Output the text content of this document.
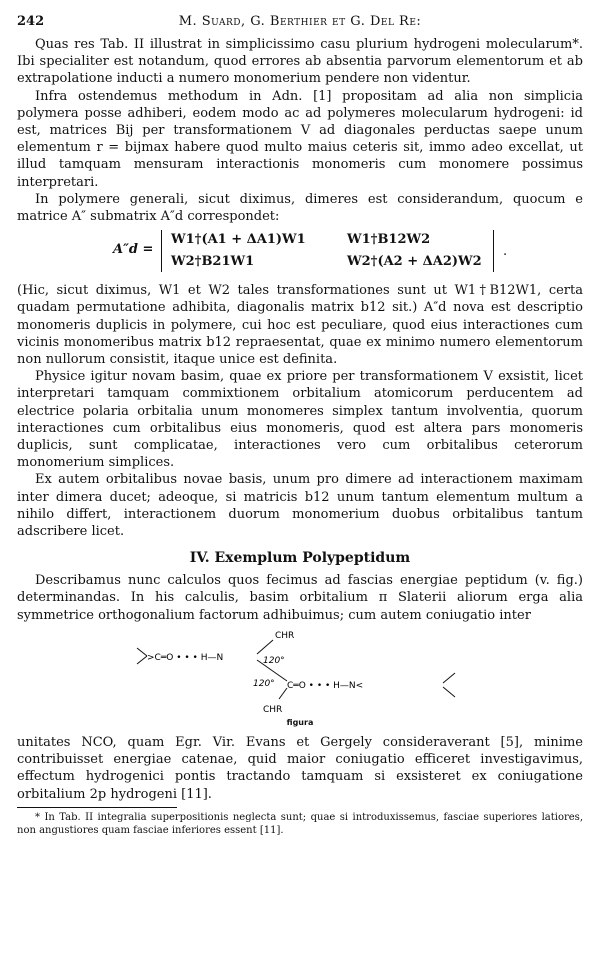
242	M. Suard, G. Berthier et G. Del Re:

Quas res Tab. II illustrat in simplicissimo casu plurium hydrogeni molecularum*. Ibi specialiter est notandum, quod errores ab absentia parvorum elementorum et ab extrapolatione inducti a numero monomerium pendere non videntur.

Infra ostendemus methodum in Adn. [1] propositam ad alia non simplicia polymera posse adhiberi, eodem modo ac ad polymeres molecularum hydrogeni: id est, matrices Bij per transformationem V ad diagonales perductas saepe unum elementum r = bijmax habere quod multo maius ceteris sit, immo adeo excellat, ut illud tamquam mensuram interactionis monomeris cum monomere possimus interpretari.

In polymere generali, sicut diximus, dimeres est considerandum, quocum e matrice A″ submatrix A″d correspondet:

A″d =
W1†(A1 + ΔA1)W1	W1†B12W2
W2†B21W1	W2†(A2 + ΔA2)W2
.

(Hic, sicut diximus, W1 et W2 tales transformationes sunt ut W1†B12W1, certa quadam permutatione adhibita, diagonalis matrix b12 sit.) A″d nova est descriptio monomeris duplicis in polymere, cui hoc est peculiare, quod eius interactiones cum vicinis monomeribus matrix b12 repraesentat, quae ex minimo numero elementorum non nullorum consistit, itaque unice est definita.

Physice igitur novam basim, quae ex priore per transformationem V exsistit, licet interpretari tamquam commixtionem orbitalium atomicorum perducentem ad electrice polaria orbitalia unum monomeres simplex tantum involventia, quorum interactiones cum orbitalibus eius monomeris, quod est altera pars monomeris duplicis, sunt complicatae, interactiones vero cum orbitalibus ceterorum monomerium simplices.

Ex autem orbitalibus novae basis, unum pro dimere ad interactionem maximam inter dimera ducet; adeoque, si matricis b12 unum tantum elementum multum a nihilo differt, interactionem duorum monomerium duobus orbitalibus tantum adscribere licet.

IV. Exemplum Polypeptidum

Describamus nunc calculos quos fecimus ad fascias energiae peptidum (v. fig.) determinandas. In his calculis, basim orbitalium π Slaterii aliorum erga alia symmetrice orthogonalium factorum adhibuimus; cum autem coniugatio inter

>C═O • • • H—N
CHR
120°
120° C═O • • • H—N<
CHR
figura

unitates NCO, quam Egr. Vir. Evans et Gergely consideraverant [5], minime contribuisset energiae catenae, quid maior coniugatio efficeret investigavimus, effectum hydrogenici pontis tractando tamquam si exsisteret ex coniugatione orbitalium 2p hydrogeni [11].

* In Tab. II integralia superpositionis neglecta sunt; quae si introduxissemus, fasciae superiores latiores, non angustiores quam fasciae inferiores essent [11].
